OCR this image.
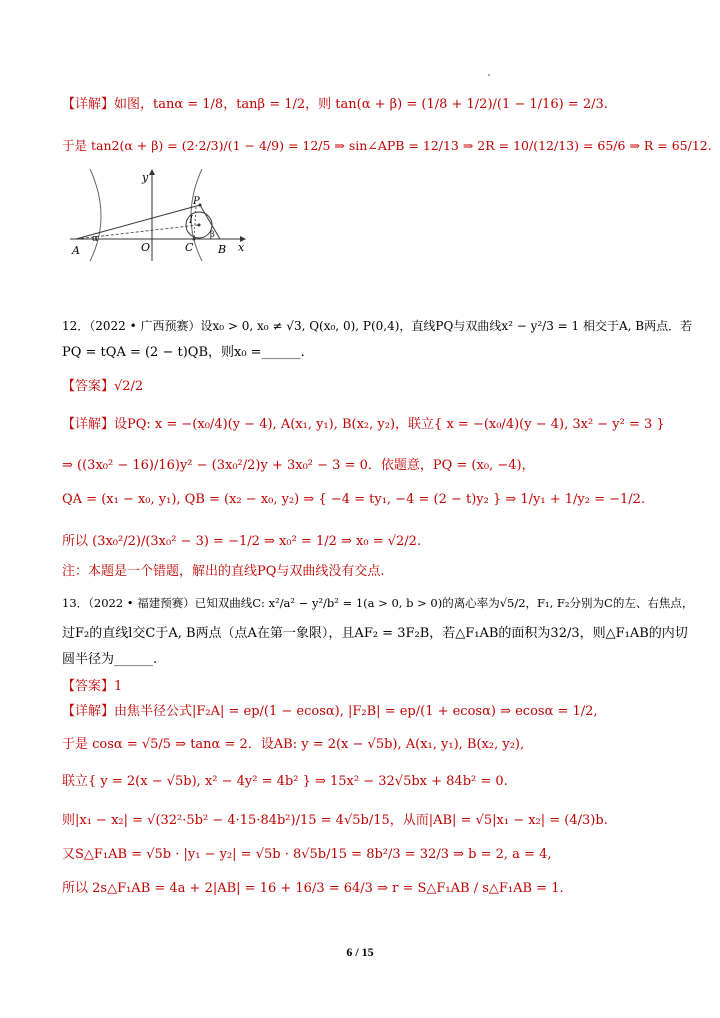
【详解】如图，tanα = 1/8，tanβ = 1/2，则 tan(α + β) = (1/8 + 1/2)/(1 − 1/16) = 2/3.
于是 tan2(α + β) = (2·2/3)/(1 − 4/9) = 12/5 ⇒ sin∠APB = 12/13 ⇒ 2R = 10/(12/13) = 65/6 ⇒ R = 65/12.
y
P
I
A	O	C B x
α	β
12．（2022 • 广西预赛）设x₀ > 0, x₀ ≠ √3, Q(x₀, 0), P(0,4)，直线PQ与双曲线x² − y²/3 = 1 相交于A, B两点．若
PQ = tQA = (2 − t)QB，则x₀ =______.
【答案】√2/2
【详解】设PQ: x = −(x₀/4)(y − 4), A(x₁, y₁), B(x₂, y₂)，联立{ x = −(x₀/4)(y − 4), 3x² − y² = 3 }
⇒ ((3x₀² − 16)/16)y² − (3x₀²/2)y + 3x₀² − 3 = 0．依题意，PQ = (x₀, −4)，
QA = (x₁ − x₀, y₁), QB = (x₂ − x₀, y₂) ⇒ { −4 = ty₁, −4 = (2 − t)y₂ } ⇒ 1/y₁ + 1/y₂ = −1/2.
所以 (3x₀²/2)/(3x₀² − 3) = −1/2 ⇒ x₀² = 1/2 ⇒ x₀ = √2/2.
注：本题是一个错题，解出的直线PQ与双曲线没有交点.
13．（2022 • 福建预赛）已知双曲线C: x²/a² − y²/b² = 1(a > 0, b > 0)的离心率为√5/2，F₁, F₂分别为C的左、右焦点，
过F₂的直线l交C于A, B两点（点A在第一象限），且AF₂ = 3F₂B，若△F₁AB的面积为32/3，则△F₁AB的内切
圆半径为______.
【答案】1
【详解】由焦半径公式|F₂A| = ep/(1 − ecosα), |F₂B| = ep/(1 + ecosα) ⇒ ecosα = 1/2,
于是 cosα = √5/5 ⇒ tanα = 2．设AB: y = 2(x − √5b), A(x₁, y₁), B(x₂, y₂),
联立{ y = 2(x − √5b), x² − 4y² = 4b² } ⇒ 15x² − 32√5bx + 84b² = 0.
则|x₁ − x₂| = √(32²·5b² − 4·15·84b²)/15 = 4√5b/15，从而|AB| = √5|x₁ − x₂| = (4/3)b.
又S△F₁AB = √5b · |y₁ − y₂| = √5b · 8√5b/15 = 8b²/3 = 32/3 ⇒ b = 2, a = 4,
所以 2s△F₁AB = 4a + 2|AB| = 16 + 16/3 = 64/3 ⇒ r = S△F₁AB / s△F₁AB = 1.
6 / 15
